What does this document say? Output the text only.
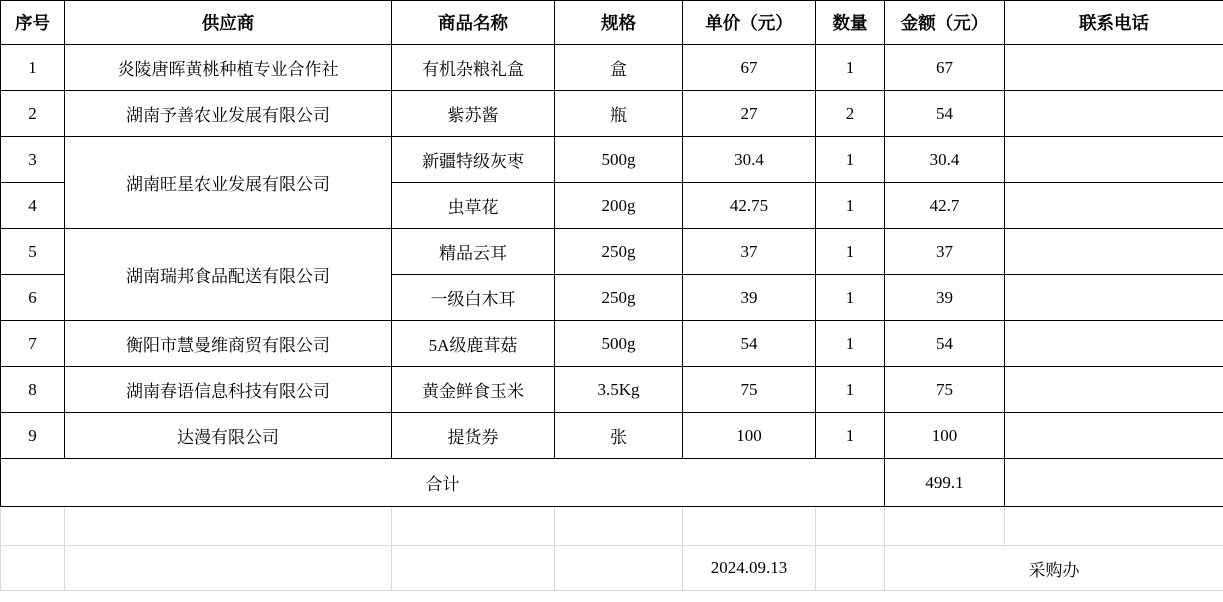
序号	供应商	商品名称	规格	单价（元）	数量	金额（元）	联系电话
1	炎陵唐晖黄桃种植专业合作社	有机杂粮礼盒	盒	67	1	67	
2	湖南予善农业发展有限公司	紫苏酱	瓶	27	2	54	
3	湖南旺星农业发展有限公司	新疆特级灰枣	500g	30.4	1	30.4	
4		虫草花	200g	42.75	1	42.7	
5	湖南瑞邦食品配送有限公司	精品云耳	250g	37	1	37	
6		一级白木耳	250g	39	1	39	
7	衡阳市慧曼维商贸有限公司	5A级鹿茸菇	500g	54	1	54	
8	湖南春语信息科技有限公司	黄金鲜食玉米	3.5Kg	75	1	75	
9	达漫有限公司	提货券	张	100	1	100	
合计						499.1	

				2024.09.13		采购办	
